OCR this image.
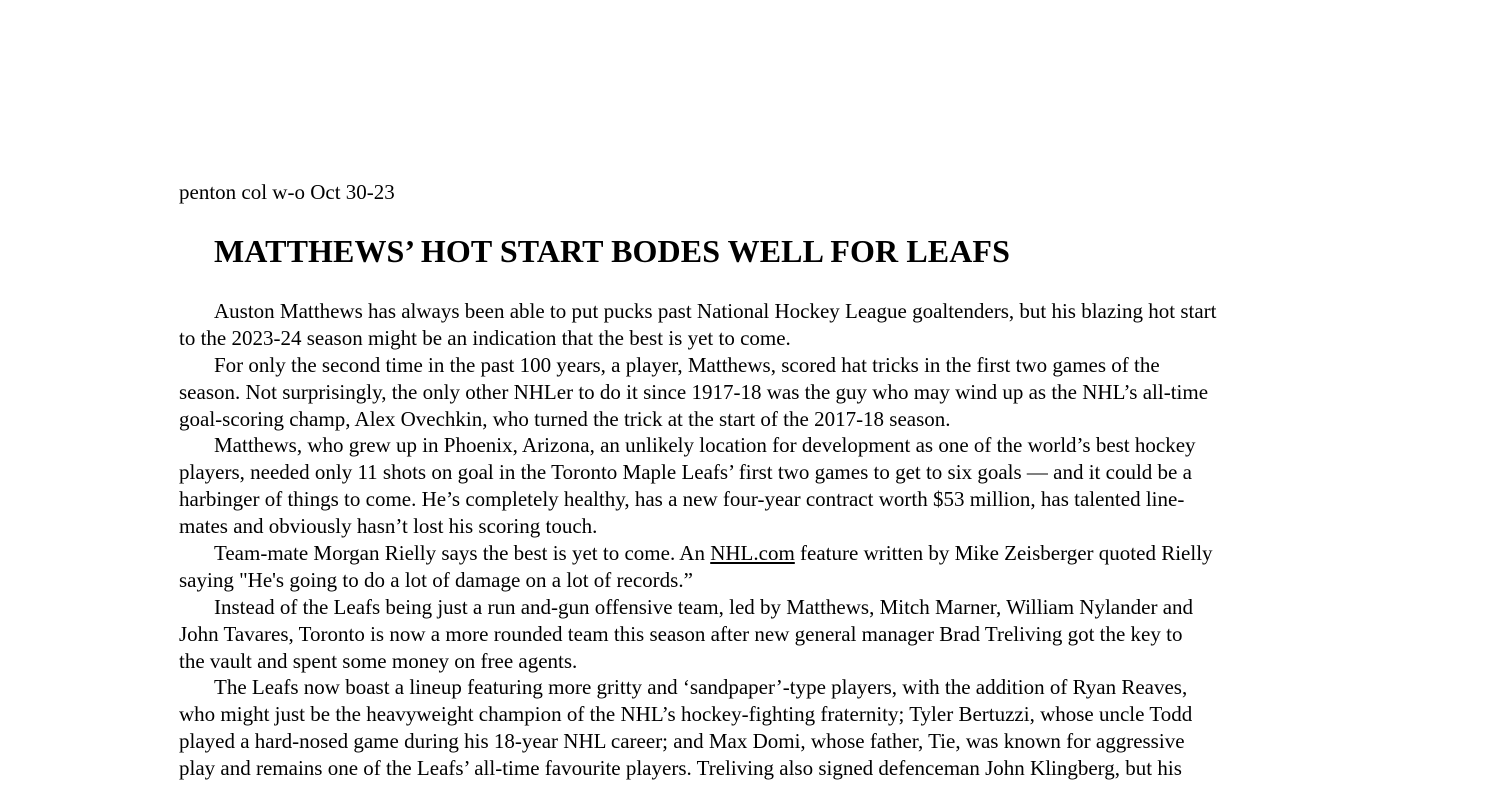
penton col w-o Oct 30-23
MATTHEWS’ HOT START BODES WELL FOR LEAFS
Auston Matthews has always been able to put pucks past National Hockey League goaltenders, but his blazing hot start
to the 2023-24 season might be an indication that the best is yet to come.
For only the second time in the past 100 years, a player, Matthews, scored hat tricks in the first two games of the
season. Not surprisingly, the only other NHLer to do it since 1917-18 was the guy who may wind up as the NHL’s all-time
goal-scoring champ, Alex Ovechkin, who turned the trick at the start of the 2017-18 season.
Matthews, who grew up in Phoenix, Arizona, an unlikely location for development as one of the world’s best hockey
players, needed only 11 shots on goal in the Toronto Maple Leafs’ first two games to get to six goals — and it could be a
harbinger of things to come. He’s completely healthy, has a new four-year contract worth $53 million, has talented line-
mates and obviously hasn’t lost his scoring touch.
Team-mate Morgan Rielly says the best is yet to come. An NHL.com feature written by Mike Zeisberger quoted Rielly
saying "He's going to do a lot of damage on a lot of records.”
Instead of the Leafs being just a run and-gun offensive team, led by Matthews, Mitch Marner, William Nylander and
John Tavares, Toronto is now a more rounded team this season after new general manager Brad Treliving got the key to
the vault and spent some money on free agents.
The Leafs now boast a lineup featuring more gritty and ‘sandpaper’-type players, with the addition of Ryan Reaves,
who might just be the heavyweight champion of the NHL’s hockey-fighting fraternity; Tyler Bertuzzi, whose uncle Todd
played a hard-nosed game during his 18-year NHL career; and Max Domi, whose father, Tie, was known for aggressive
play and remains one of the Leafs’ all-time favourite players. Treliving also signed defenceman John Klingberg, but his
